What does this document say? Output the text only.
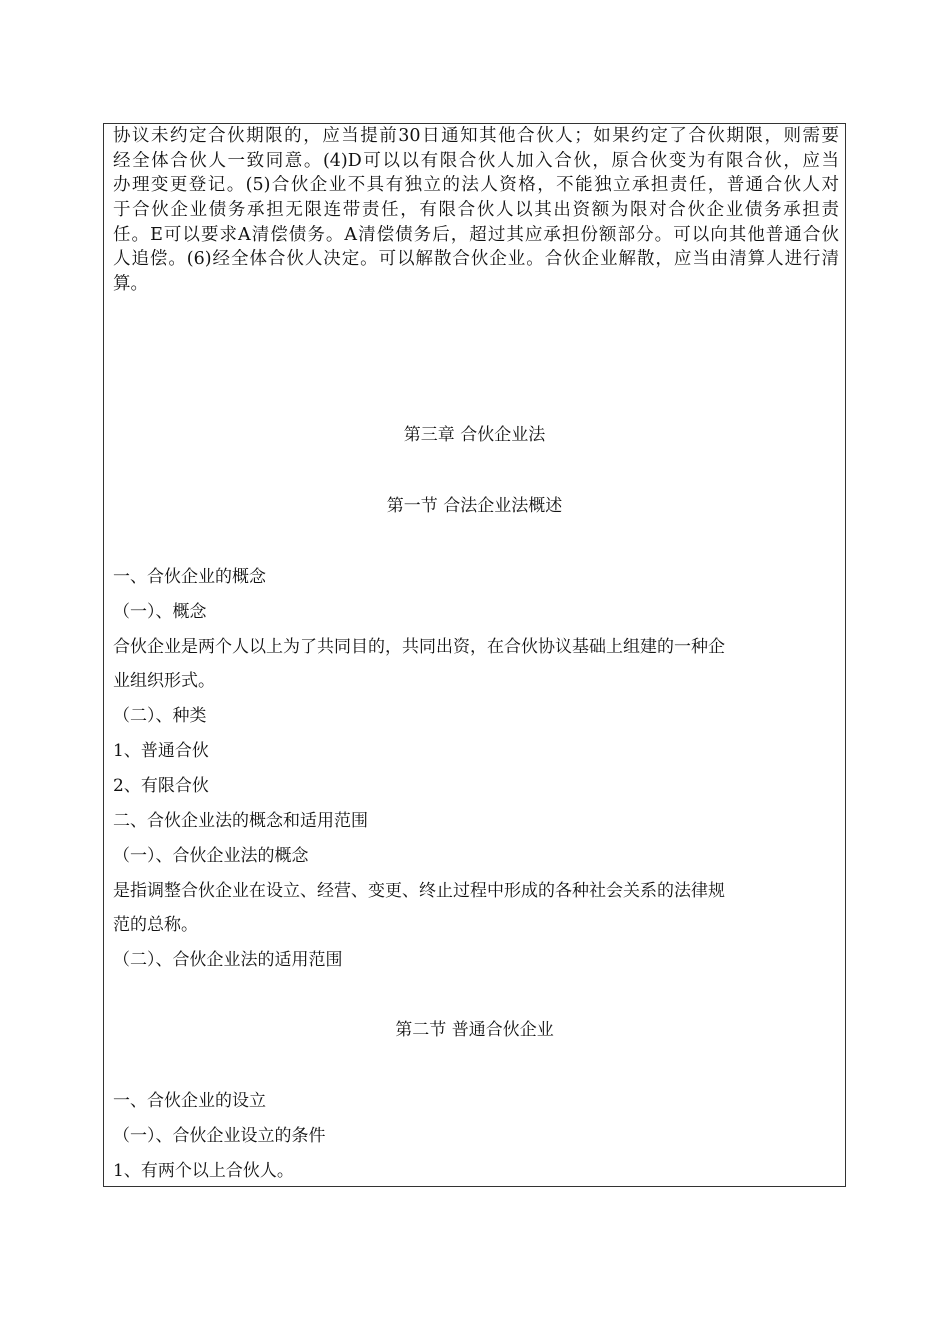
协议未约定合伙期限的，应当提前30日通知其他合伙人；如果约定了合伙期限，则需要
经全体合伙人一致同意。(4)D可以以有限合伙人加入合伙，原合伙变为有限合伙，应当
办理变更登记。(5)合伙企业不具有独立的法人资格，不能独立承担责任，普通合伙人对
于合伙企业债务承担无限连带责任，有限合伙人以其出资额为限对合伙企业债务承担责
任。E可以要求A清偿债务。A清偿债务后，超过其应承担份额部分。可以向其他普通合伙
人追偿。(6)经全体合伙人决定。可以解散合伙企业。合伙企业解散，应当由清算人进行清
算。

第三章 合伙企业法

第一节 合法企业法概述

一、合伙企业的概念

（一）、概念

合伙企业是两个人以上为了共同目的，共同出资，在合伙协议基础上组建的一种企

业组织形式。

（二）、种类

1、普通合伙

2、有限合伙

二、合伙企业法的概念和适用范围

（一）、合伙企业法的概念

是指调整合伙企业在设立、经营、变更、终止过程中形成的各种社会关系的法律规

范的总称。

（二）、合伙企业法的适用范围

第二节 普通合伙企业

一、合伙企业的设立

（一）、合伙企业设立的条件

1、有两个以上合伙人。
